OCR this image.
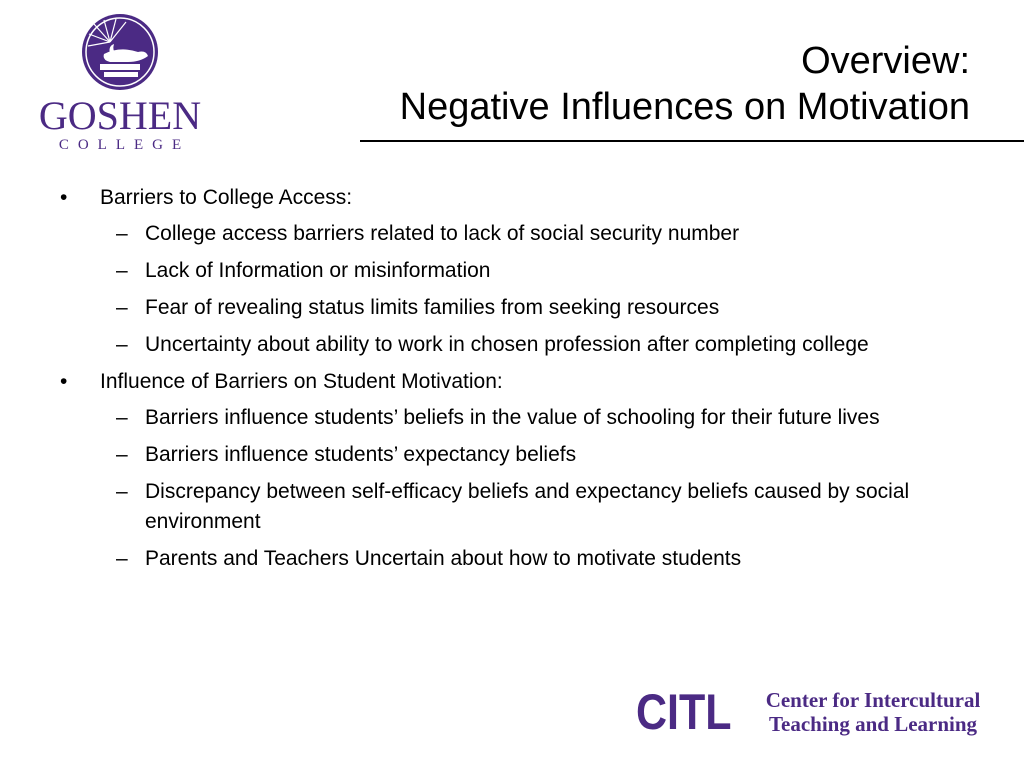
GOSHEN
COLLEGE
Overview:
Negative Influences on Motivation
• Barriers to College Access:
– College access barriers related to lack of social security number
– Lack of Information or misinformation
– Fear of revealing status limits families from seeking resources
– Uncertainty about ability to work in chosen profession after completing college
• Influence of Barriers on Student Motivation:
– Barriers influence students’ beliefs in the value of schooling for their future lives
– Barriers influence students’ expectancy beliefs
– Discrepancy between self-efficacy beliefs and expectancy beliefs caused by social environment
– Parents and Teachers Uncertain about how to motivate students
CITL	Center for Intercultural
Teaching and Learning
